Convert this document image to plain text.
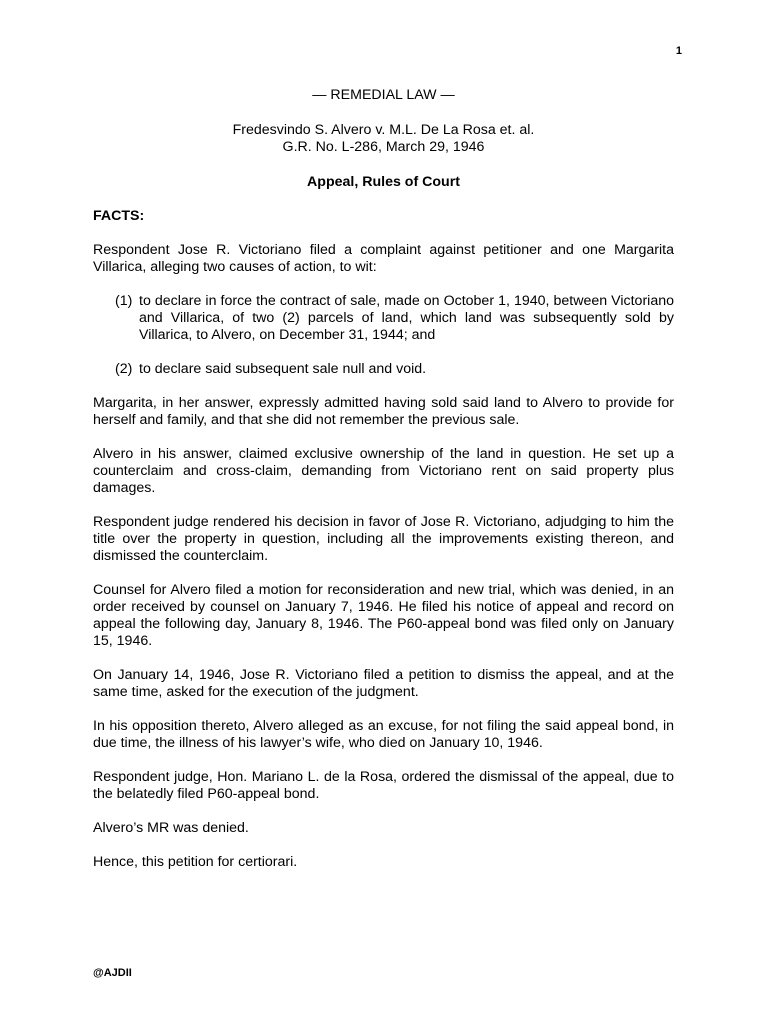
1
— REMEDIAL LAW —
Fredesvindo S. Alvero v. M.L. De La Rosa et. al.
G.R. No. L-286, March 29, 1946
Appeal, Rules of Court
FACTS:

Respondent Jose R. Victoriano filed a complaint against petitioner and one Margarita Villarica, alleging two causes of action, to wit:

(1) to declare in force the contract of sale, made on October 1, 1940, between Victoriano and Villarica, of two (2) parcels of land, which land was subsequently sold by Villarica, to Alvero, on December 31, 1944; and
(2) to declare said subsequent sale null and void.

Margarita, in her answer, expressly admitted having sold said land to Alvero to provide for herself and family, and that she did not remember the previous sale.

Alvero in his answer, claimed exclusive ownership of the land in question. He set up a counterclaim and cross-claim, demanding from Victoriano rent on said property plus damages.

Respondent judge rendered his decision in favor of Jose R. Victoriano, adjudging to him the title over the property in question, including all the improvements existing thereon, and dismissed the counterclaim.

Counsel for Alvero filed a motion for reconsideration and new trial, which was denied, in an order received by counsel on January 7, 1946. He filed his notice of appeal and record on appeal the following day, January 8, 1946. The P60-appeal bond was filed only on January 15, 1946.

On January 14, 1946, Jose R. Victoriano filed a petition to dismiss the appeal, and at the same time, asked for the execution of the judgment.

In his opposition thereto, Alvero alleged as an excuse, for not filing the said appeal bond, in due time, the illness of his lawyer’s wife, who died on January 10, 1946.

Respondent judge, Hon. Mariano L. de la Rosa, ordered the dismissal of the appeal, due to the belatedly filed P60-appeal bond.

Alvero’s MR was denied.

Hence, this petition for certiorari.

@AJDII
